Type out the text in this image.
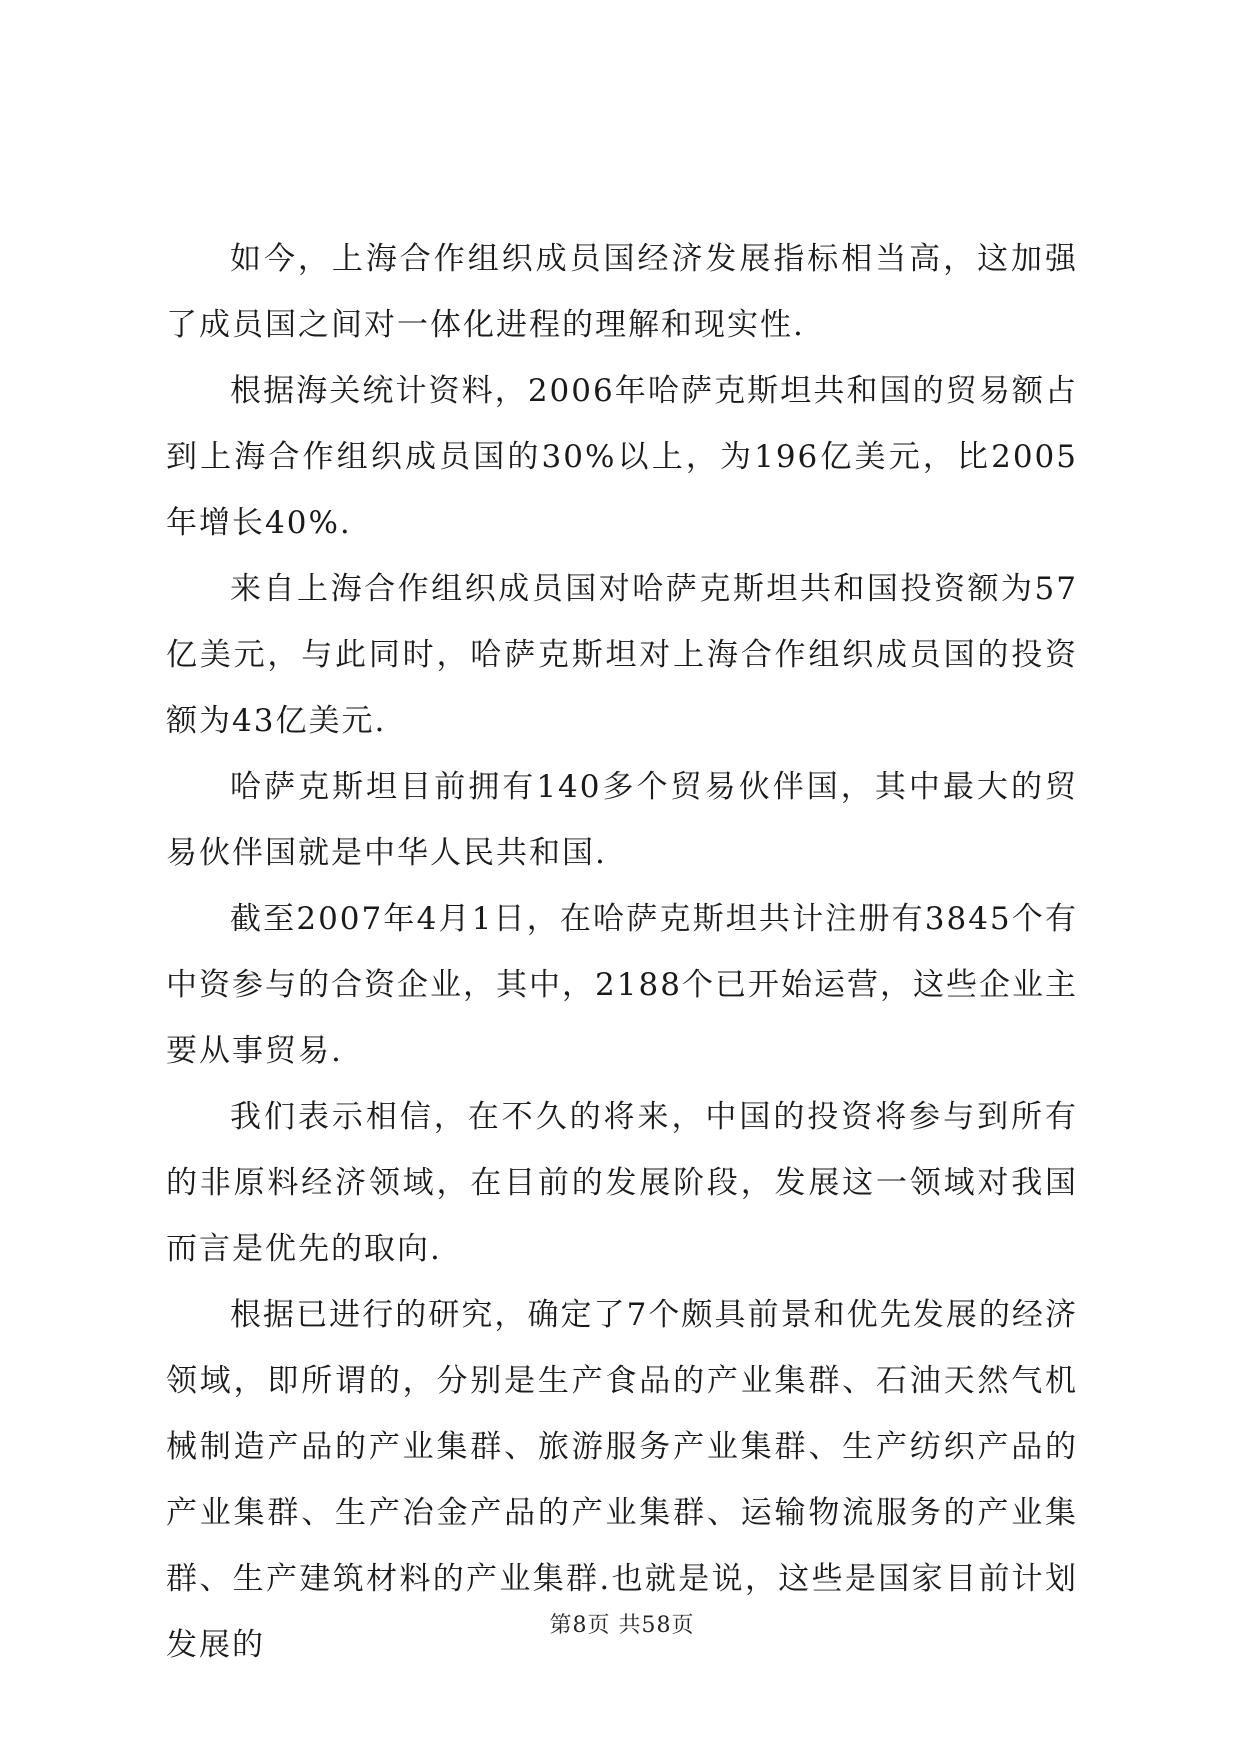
如今，上海合作组织成员国经济发展指标相当高，这加强了成员国之间对一体化进程的理解和现实性.

根据海关统计资料，2006年哈萨克斯坦共和国的贸易额占到上海合作组织成员国的30%以上，为196亿美元，比2005年增长40%.

来自上海合作组织成员国对哈萨克斯坦共和国投资额为57亿美元，与此同时，哈萨克斯坦对上海合作组织成员国的投资额为43亿美元.

哈萨克斯坦目前拥有140多个贸易伙伴国，其中最大的贸易伙伴国就是中华人民共和国.

截至2007年4月1日，在哈萨克斯坦共计注册有3845个有中资参与的合资企业，其中，2188个已开始运营，这些企业主要从事贸易.

我们表示相信，在不久的将来，中国的投资将参与到所有的非原料经济领域，在目前的发展阶段，发展这一领域对我国而言是优先的取向.

根据已进行的研究，确定了7个颇具前景和优先发展的经济领域，即所谓的，分别是生产食品的产业集群、石油天然气机械制造产品的产业集群、旅游服务产业集群、生产纺织产品的产业集群、生产冶金产品的产业集群、运输物流服务的产业集群、生产建筑材料的产业集群.也就是说，这些是国家目前计划发展的

第8页 共58页
